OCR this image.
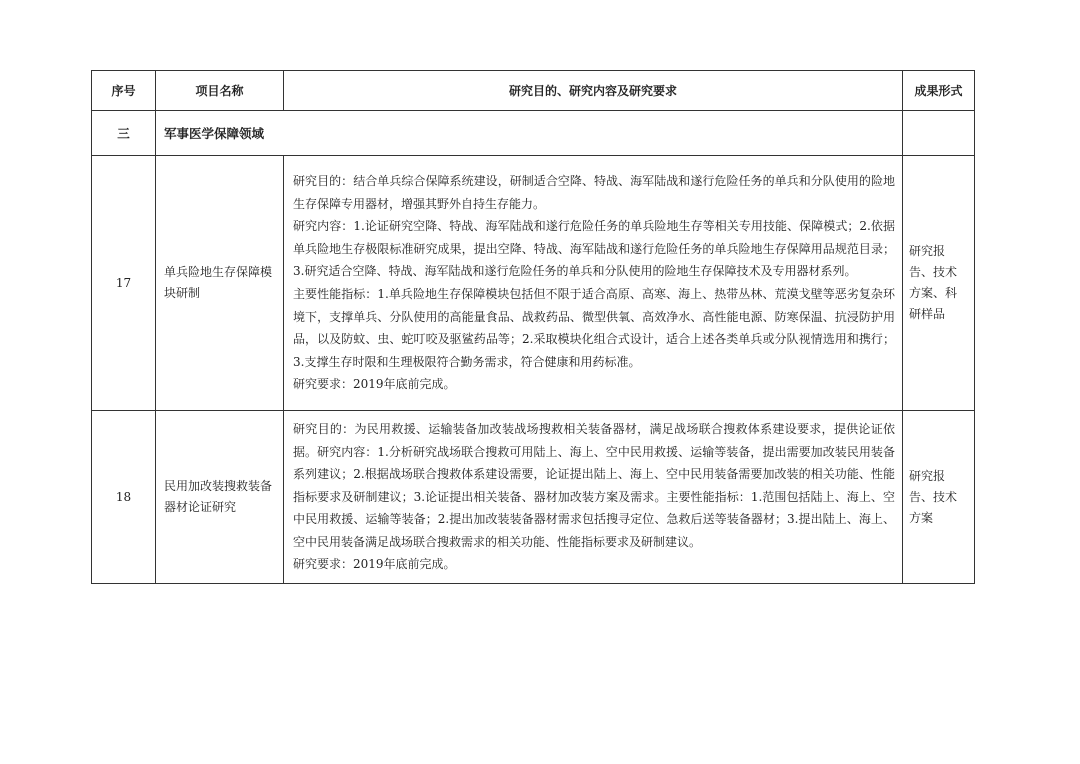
序号	项目名称	研究目的、研究内容及研究要求	成果形式
三	军事医学保障领域		
17	单兵险地生存保障模块研制	研究目的：结合单兵综合保障系统建设，研制适合空降、特战、海军陆战和遂行危险任务的单兵和分队使用的险地生存保障专用器材，增强其野外自持生存能力。
研究内容：1.论证研究空降、特战、海军陆战和遂行危险任务的单兵险地生存等相关专用技能、保障模式；2.依据单兵险地生存极限标准研究成果，提出空降、特战、海军陆战和遂行危险任务的单兵险地生存保障用品规范目录；3.研究适合空降、特战、海军陆战和遂行危险任务的单兵和分队使用的险地生存保障技术及专用器材系列。
主要性能指标：1.单兵险地生存保障模块包括但不限于适合高原、高寒、海上、热带丛林、荒漠戈壁等恶劣复杂环境下，支撑单兵、分队使用的高能量食品、战救药品、微型供氧、高效净水、高性能电源、防寒保温、抗浸防护用品，以及防蚊、虫、蛇叮咬及驱鲨药品等；2.采取模块化组合式设计，适合上述各类单兵或分队视情选用和携行；3.支撑生存时限和生理极限符合勤务需求，符合健康和用药标准。
研究要求：2019年底前完成。	研究报告、技术方案、科研样品
18	民用加改装搜救装备器材论证研究	研究目的：为民用救援、运输装备加改装战场搜救相关装备器材，满足战场联合搜救体系建设要求，提供论证依据。研究内容：1.分析研究战场联合搜救可用陆上、海上、空中民用救援、运输等装备，提出需要加改装民用装备系列建议；2.根据战场联合搜救体系建设需要，论证提出陆上、海上、空中民用装备需要加改装的相关功能、性能指标要求及研制建议；3.论证提出相关装备、器材加改装方案及需求。主要性能指标：1.范围包括陆上、海上、空中民用救援、运输等装备；2.提出加改装装备器材需求包括搜寻定位、急救后送等装备器材；3.提出陆上、海上、空中民用装备满足战场联合搜救需求的相关功能、性能指标要求及研制建议。
研究要求：2019年底前完成。	研究报告、技术方案
